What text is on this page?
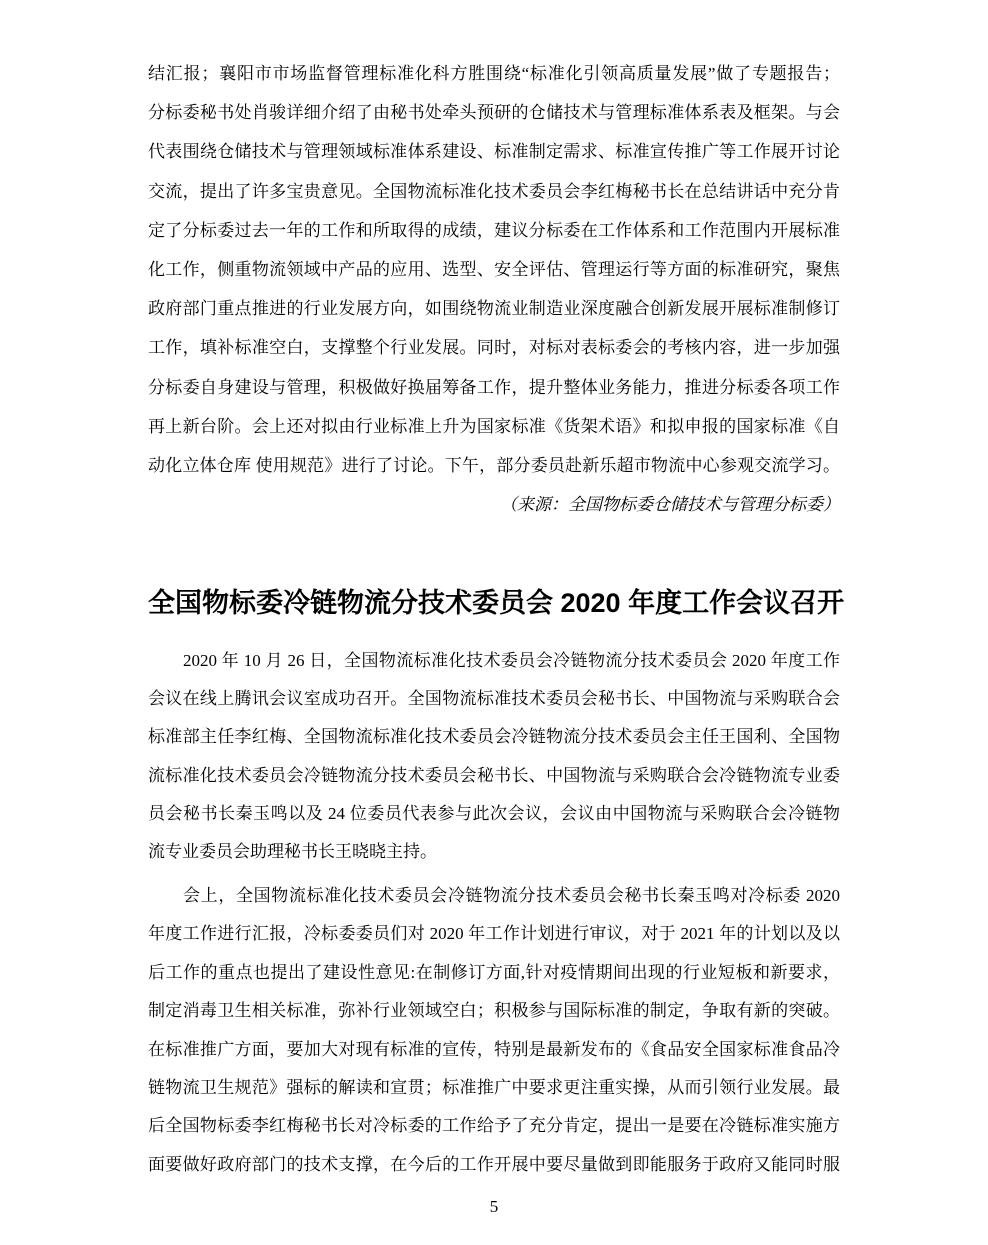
结汇报；襄阳市市场监督管理标准化科方胜围绕“标准化引领高质量发展”做了专题报告；
分标委秘书处肖骏详细介绍了由秘书处牵头预研的仓储技术与管理标准体系表及框架。与会
代表围绕仓储技术与管理领域标准体系建设、标准制定需求、标准宣传推广等工作展开讨论
交流，提出了许多宝贵意见。全国物流标准化技术委员会李红梅秘书长在总结讲话中充分肯
定了分标委过去一年的工作和所取得的成绩，建议分标委在工作体系和工作范围内开展标准
化工作，侧重物流领域中产品的应用、选型、安全评估、管理运行等方面的标准研究，聚焦
政府部门重点推进的行业发展方向，如围绕物流业制造业深度融合创新发展开展标准制修订
工作，填补标准空白，支撑整个行业发展。同时，对标对表标委会的考核内容，进一步加强
分标委自身建设与管理，积极做好换届筹备工作，提升整体业务能力，推进分标委各项工作
再上新台阶。会上还对拟由行业标准上升为国家标准《货架术语》和拟申报的国家标准《自
动化立体仓库 使用规范》进行了讨论。下午，部分委员赴新乐超市物流中心参观交流学习。
（来源：全国物标委仓储技术与管理分标委）
全国物标委冷链物流分技术委员会 2020 年度工作会议召开
2020 年 10 月 26 日，全国物流标准化技术委员会冷链物流分技术委员会 2020 年度工作
会议在线上腾讯会议室成功召开。全国物流标准技术委员会秘书长、中国物流与采购联合会
标准部主任李红梅、全国物流标准化技术委员会冷链物流分技术委员会主任王国利、全国物
流标准化技术委员会冷链物流分技术委员会秘书长、中国物流与采购联合会冷链物流专业委
员会秘书长秦玉鸣以及 24 位委员代表参与此次会议，会议由中国物流与采购联合会冷链物
流专业委员会助理秘书长王晓晓主持。
会上，全国物流标准化技术委员会冷链物流分技术委员会秘书长秦玉鸣对冷标委 2020
年度工作进行汇报，冷标委委员们对 2020 年工作计划进行审议，对于 2021 年的计划以及以
后工作的重点也提出了建设性意见:在制修订方面,针对疫情期间出现的行业短板和新要求，
制定消毒卫生相关标准，弥补行业领域空白；积极参与国际标准的制定，争取有新的突破。
在标准推广方面，要加大对现有标准的宣传，特别是最新发布的《食品安全国家标准食品冷
链物流卫生规范》强标的解读和宣贯；标准推广中要求更注重实操，从而引领行业发展。最
后全国物标委李红梅秘书长对冷标委的工作给予了充分肯定，提出一是要在冷链标准实施方
面要做好政府部门的技术支撑，在今后的工作开展中要尽量做到即能服务于政府又能同时服
5
